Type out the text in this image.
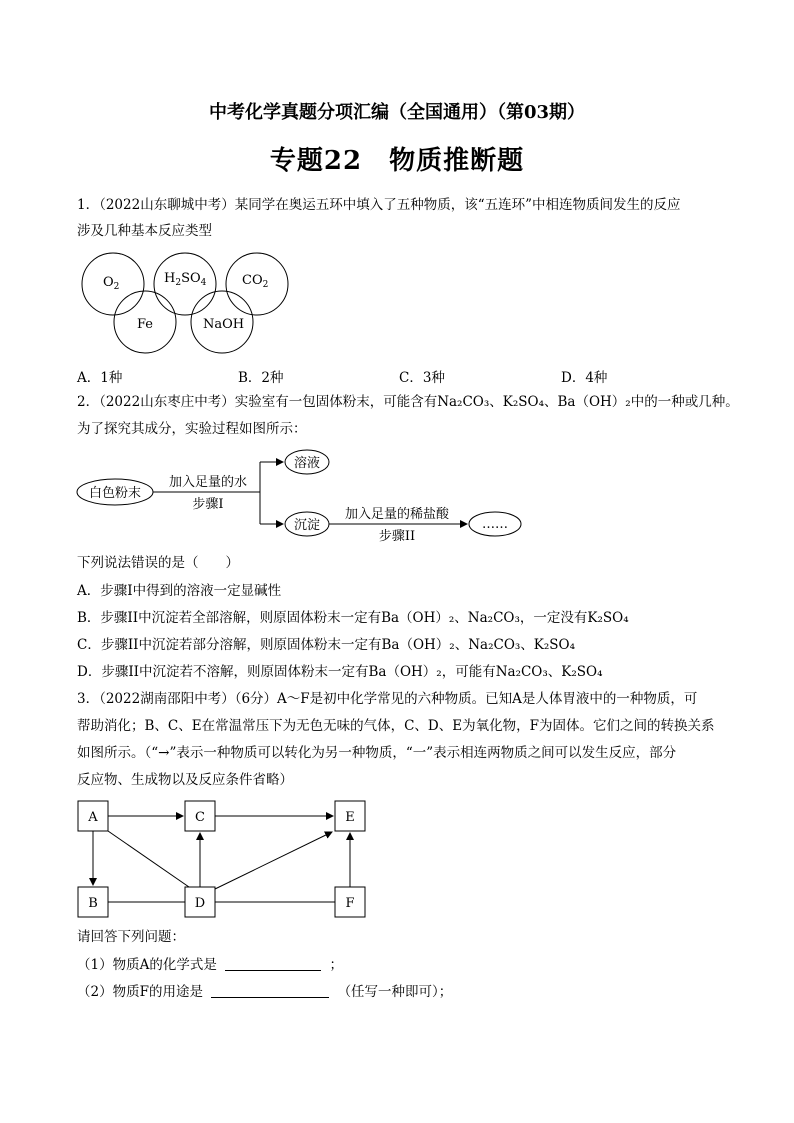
中考化学真题分项汇编（全国通用）（第03期）
专题22　物质推断题
1．（2022山东聊城中考）某同学在奥运五环中填入了五种物质，该“五连环”中相连物质间发生的反应
涉及几种基本反应类型
$O_2$
$H_2SO_4$	$CO_2$
Fe	NaOH
A．1种	B．2种	C．3种	D．4种
2．（2022山东枣庄中考）实验室有一包固体粉末，可能含有Na₂CO₃、K₂SO₄、Ba（OH）₂中的一种或几种。
为了探究其成分，实验过程如图所示：
白色粉末
加入足量的水
步骤I
溶液
沉淀
加入足量的稀盐酸
步骤II
……
下列说法错误的是（　　）
A．步骤I中得到的溶液一定显碱性
B．步骤II中沉淀若全部溶解，则原固体粉末一定有Ba（OH）₂、Na₂CO₃，一定没有K₂SO₄
C．步骤II中沉淀若部分溶解，则原固体粉末一定有Ba（OH）₂、Na₂CO₃、K₂SO₄
D．步骤II中沉淀若不溶解，则原固体粉末一定有Ba（OH）₂，可能有Na₂CO₃、K₂SO₄
3．（2022湖南邵阳中考）（6分）A～F是初中化学常见的六种物质。已知A是人体胃液中的一种物质，可
帮助消化；B、C、E在常温常压下为无色无味的气体，C、D、E为氧化物，F为固体。它们之间的转换关系
如图所示。（“→”表示一种物质可以转化为另一种物质，“一”表示相连两物质之间可以发生反应，部分
反应物、生成物以及反应条件省略）
A	C	E
B	D	F
请回答下列问题：
（1）物质A的化学式是	；
（2）物质F的用途是	（任写一种即可）；
